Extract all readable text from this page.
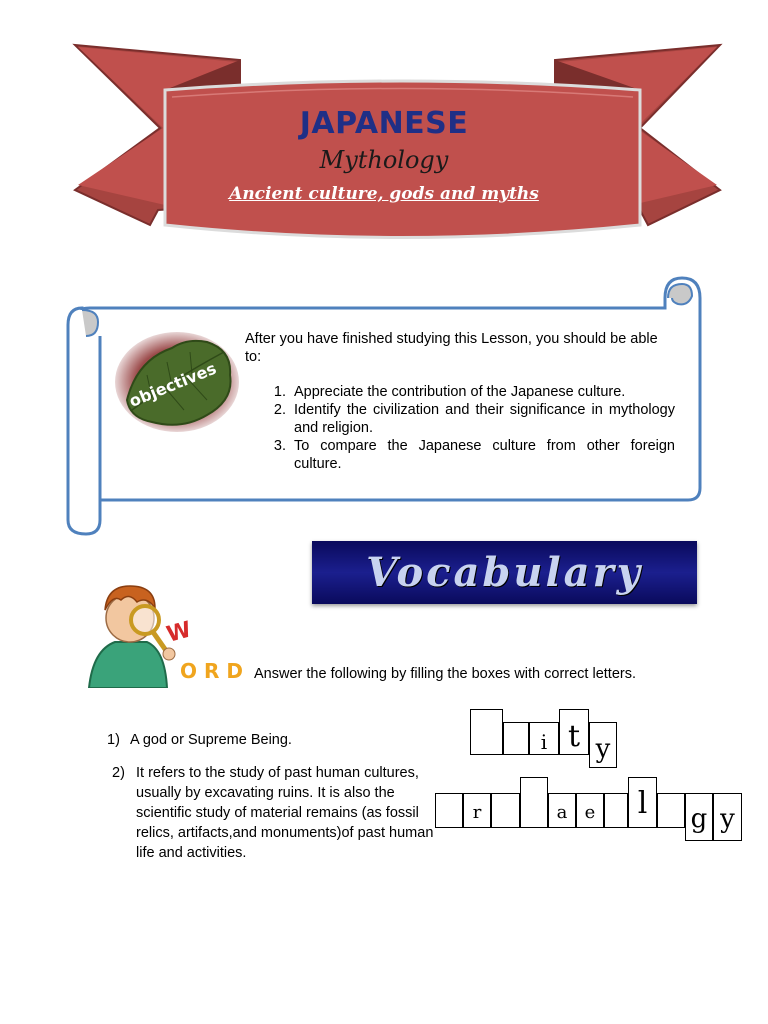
JAPANESE
Mythology
Ancient culture, gods and myths
objectives
After you have finished studying this Lesson, you should be able to:
1. Appreciate the contribution of the Japanese culture.
2. Identify the civilization and their significance in mythology and religion.
3. To compare the Japanese culture from other foreign culture.
Vocabulary
W
O R D Answer the following by filling the boxes with correct letters.
1) A god or Supreme Being.
2) It refers to the study of past human cultures, usually by excavating ruins. It is also the scientific study of material remains (as fossil relics, artifacts,and monuments)of past human life and activities.
i t y
r	a e	l	g y
